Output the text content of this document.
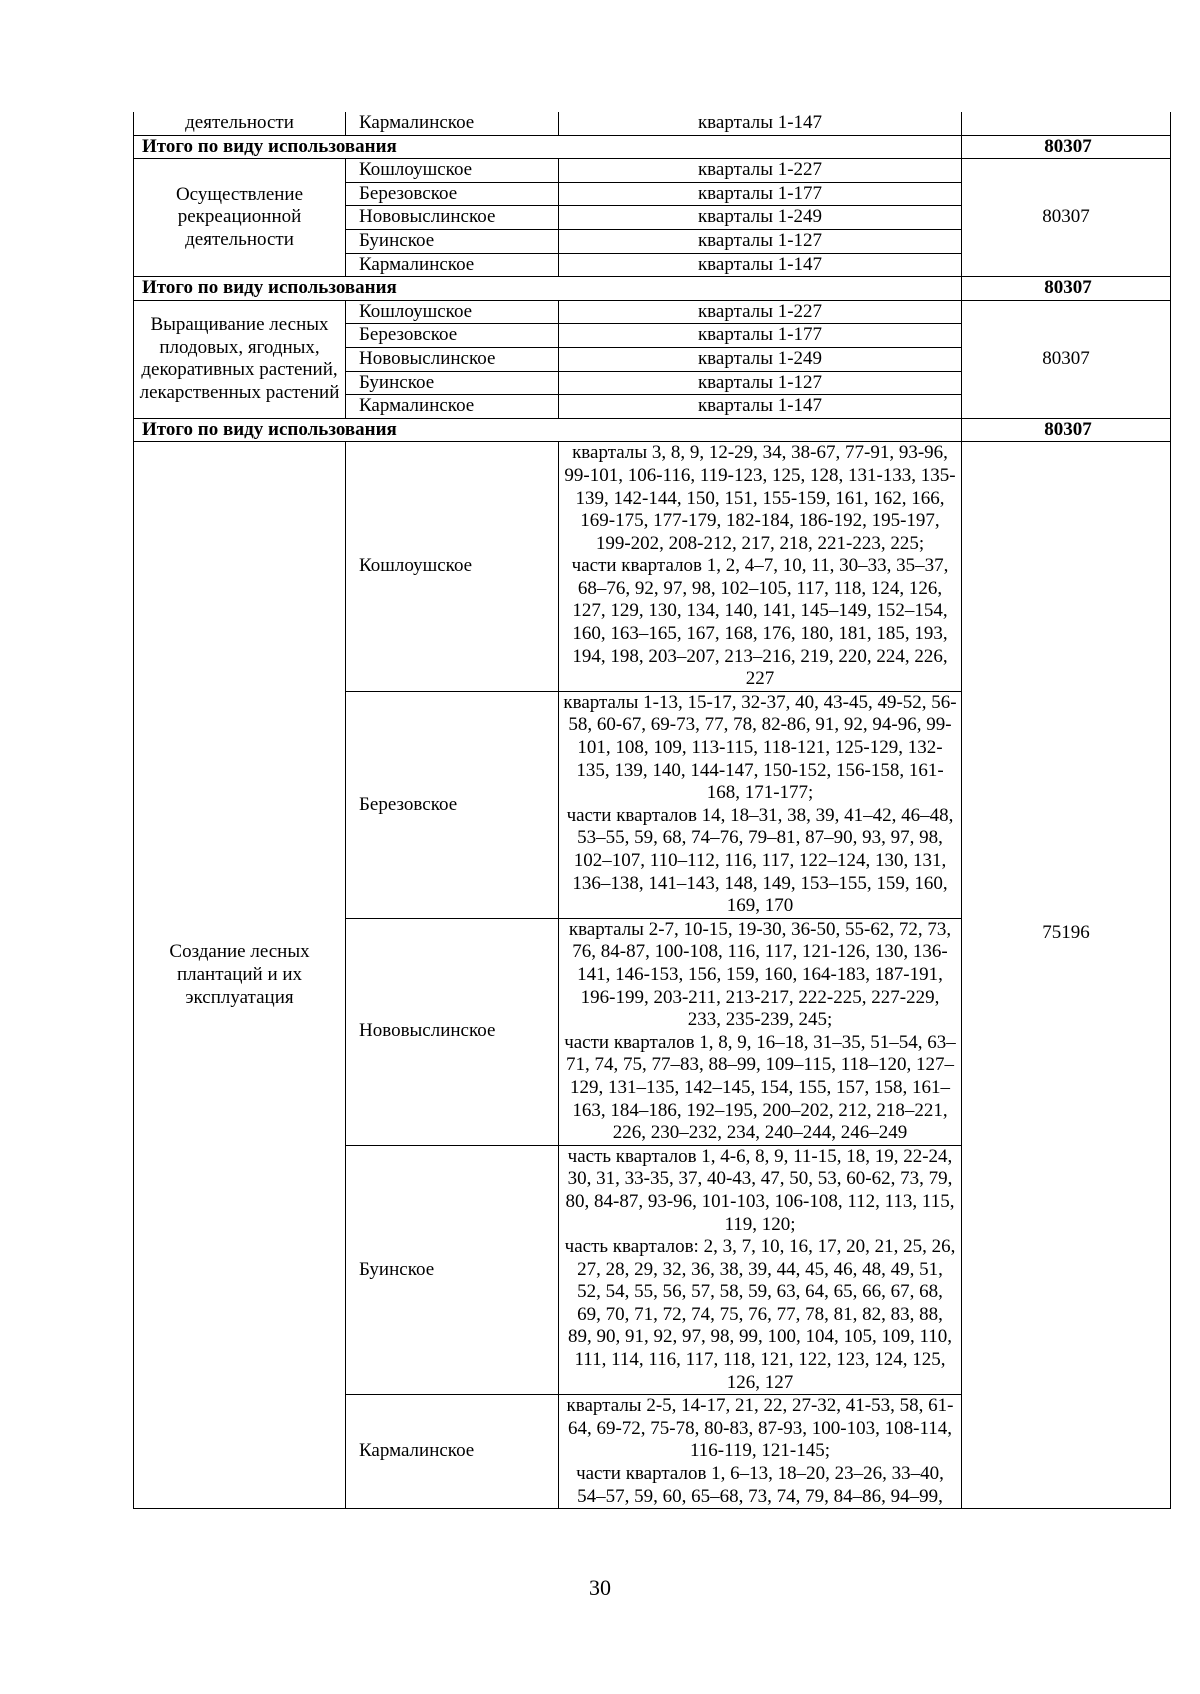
деятельности	Кармалинское	кварталы 1-147	
Итого по виду использования			80307
Осуществление рекреационной деятельности	Кошлоушское	кварталы 1-227	80307
	Березовское	кварталы 1-177	
	Нововыслинское	кварталы 1-249	
	Буинское	кварталы 1-127	
	Кармалинское	кварталы 1-147	
Итого по виду использования			80307
Выращивание лесных плодовых, ягодных, декоративных растений, лекарственных растений	Кошлоушское	кварталы 1-227	80307
	Березовское	кварталы 1-177	
	Нововыслинское	кварталы 1-249	
	Буинское	кварталы 1-127	
	Кармалинское	кварталы 1-147	
Итого по виду использования			80307
Создание лесных плантаций и их эксплуатация	Кошлоушское	кварталы 3, 8, 9, 12-29, 34, 38-67, 77-91, 93-96, 99-101, 106-116, 119-123, 125, 128, 131-133, 135-139, 142-144, 150, 151, 155-159, 161, 162, 166, 169-175, 177-179, 182-184, 186-192, 195-197, 199-202, 208-212, 217, 218, 221-223, 225;
части кварталов 1, 2, 4–7, 10, 11, 30–33, 35–37, 68–76, 92, 97, 98, 102–105, 117, 118, 124, 126, 127, 129, 130, 134, 140, 141, 145–149, 152–154, 160, 163–165, 167, 168, 176, 180, 181, 185, 193, 194, 198, 203–207, 213–216, 219, 220, 224, 226, 227	75196
	Березовское	кварталы 1-13, 15-17, 32-37, 40, 43-45, 49-52, 56-58, 60-67, 69-73, 77, 78, 82-86, 91, 92, 94-96, 99-101, 108, 109, 113-115, 118-121, 125-129, 132-135, 139, 140, 144-147, 150-152, 156-158, 161-168, 171-177;
части кварталов 14, 18–31, 38, 39, 41–42, 46–48, 53–55, 59, 68, 74–76, 79–81, 87–90, 93, 97, 98, 102–107, 110–112, 116, 117, 122–124, 130, 131, 136–138, 141–143, 148, 149, 153–155, 159, 160, 169, 170	

	Нововыслинское	кварталы 2-7, 10-15, 19-30, 36-50, 55-62, 72, 73, 76, 84-87, 100-108, 116, 117, 121-126, 130, 136-141, 146-153, 156, 159, 160, 164-183, 187-191, 196-199, 203-211, 213-217, 222-225, 227-229, 233, 235-239, 245;
части кварталов 1, 8, 9, 16–18, 31–35, 51–54, 63–71, 74, 75, 77–83, 88–99, 109–115, 118–120, 127–129, 131–135, 142–145, 154, 155, 157, 158, 161–163, 184–186, 192–195, 200–202, 212, 218–221, 226, 230–232, 234, 240–244, 246–249	

	Буинское	часть кварталов 1, 4-6, 8, 9, 11-15, 18, 19, 22-24, 30, 31, 33-35, 37, 40-43, 47, 50, 53, 60-62, 73, 79, 80, 84-87, 93-96, 101-103, 106-108, 112, 113, 115, 119, 120;
часть кварталов: 2, 3, 7, 10, 16, 17, 20, 21, 25, 26, 27, 28, 29, 32, 36, 38, 39, 44, 45, 46, 48, 49, 51, 52, 54, 55, 56, 57, 58, 59, 63, 64, 65, 66, 67, 68, 69, 70, 71, 72, 74, 75, 76, 77, 78, 81, 82, 83, 88, 89, 90, 91, 92, 97, 98, 99, 100, 104, 105, 109, 110, 111, 114, 116, 117, 118, 121, 122, 123, 124, 125, 126, 127	

	Кармалинское	кварталы 2-5, 14-17, 21, 22, 27-32, 41-53, 58, 61-64, 69-72, 75-78, 80-83, 87-93, 100-103, 108-114, 116-119, 121-145;
части кварталов 1, 6–13, 18–20, 23–26, 33–40, 54–57, 59, 60, 65–68, 73, 74, 79, 84–86, 94–99,	
30
